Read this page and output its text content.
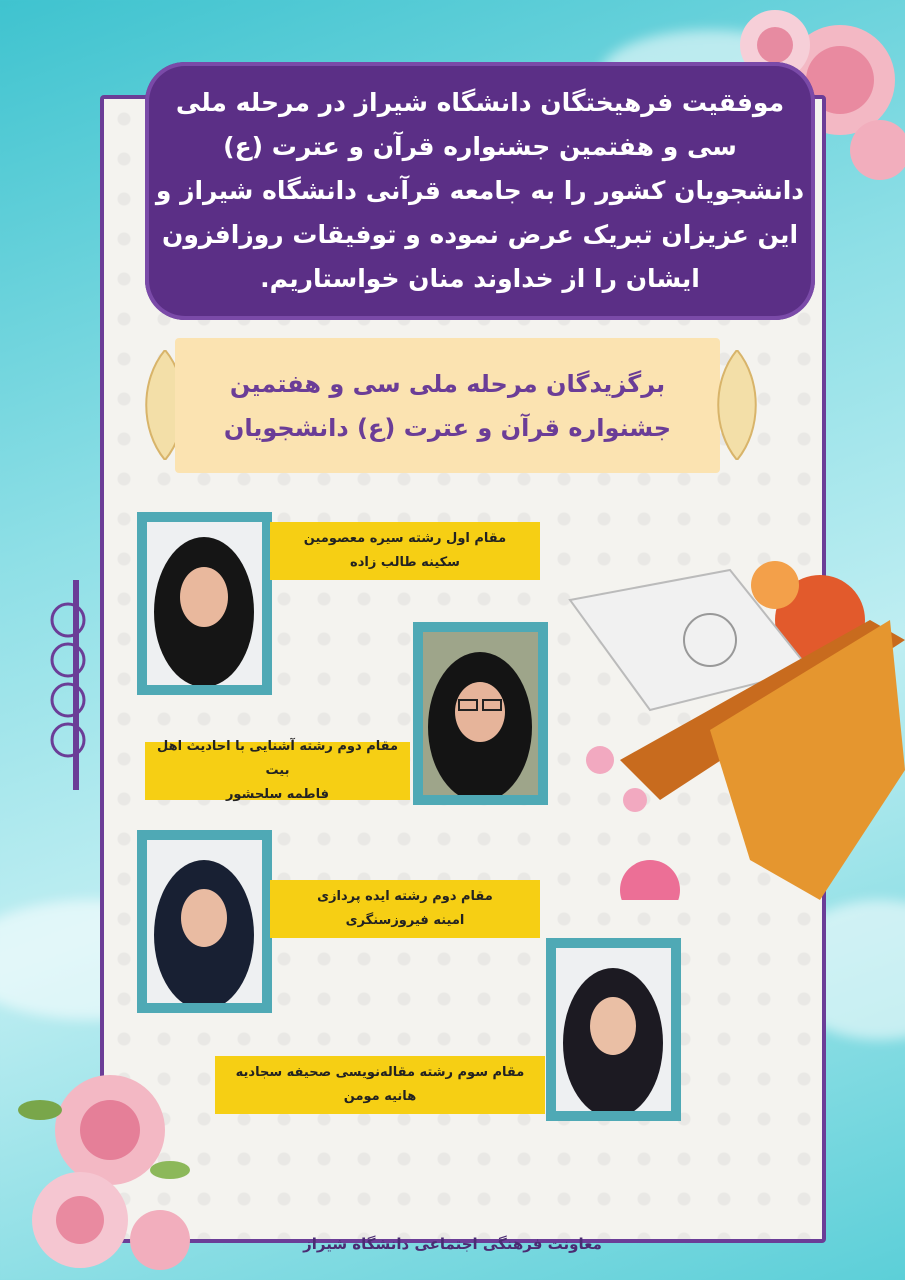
موفقیت فرهیختگان دانشگاه شیراز در مرحله ملی
سی و هفتمین جشنواره قرآن و عترت (ع)
دانشجویان کشور را به جامعه قرآنی دانشگاه شیراز و
این عزیزان تبریک عرض نموده و توفیقات روزافزون
ایشان را از خداوند منان خواستاریم.
برگزیدگان مرحله ملی سی و هفتمین
جشنواره قرآن و عترت (ع) دانشجویان
مقام اول رشته سیره معصومین
سکینه طالب زاده
مقام دوم رشته آشنایی با احادیث اهل بیت
فاطمه سلحشور
مقام دوم رشته ایده پردازی
امینه فیروزسنگری
مقام سوم رشته مقاله‌نویسی صحیفه سجادیه
هانیه مومن
معاونت فرهنگی اجتماعی دانشگاه شیراز
